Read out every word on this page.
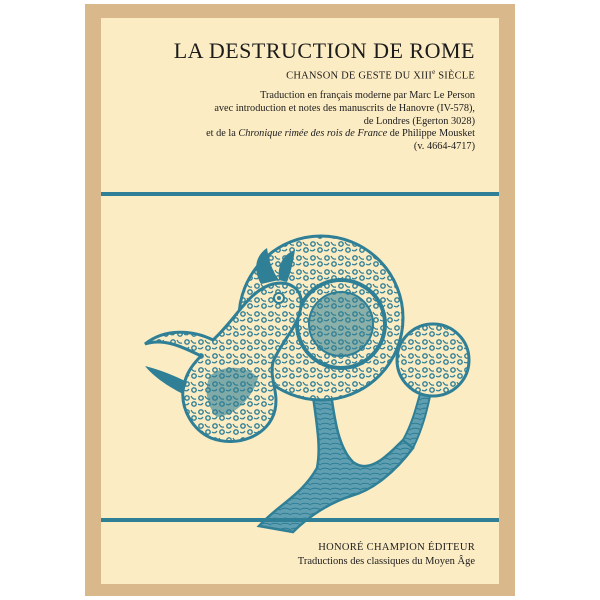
LA DESTRUCTION DE ROME
CHANSON DE GESTE DU XIIIe SIÈCLE
Traduction en français moderne par Marc Le Person
avec introduction et notes des manuscrits de Hanovre (IV-578),
de Londres (Egerton 3028)
et de la Chronique rimée des rois de France de Philippe Mousket
(v. 4664-4717)
HONORÉ CHAMPION ÉDITEUR
Traductions des classiques du Moyen Âge
